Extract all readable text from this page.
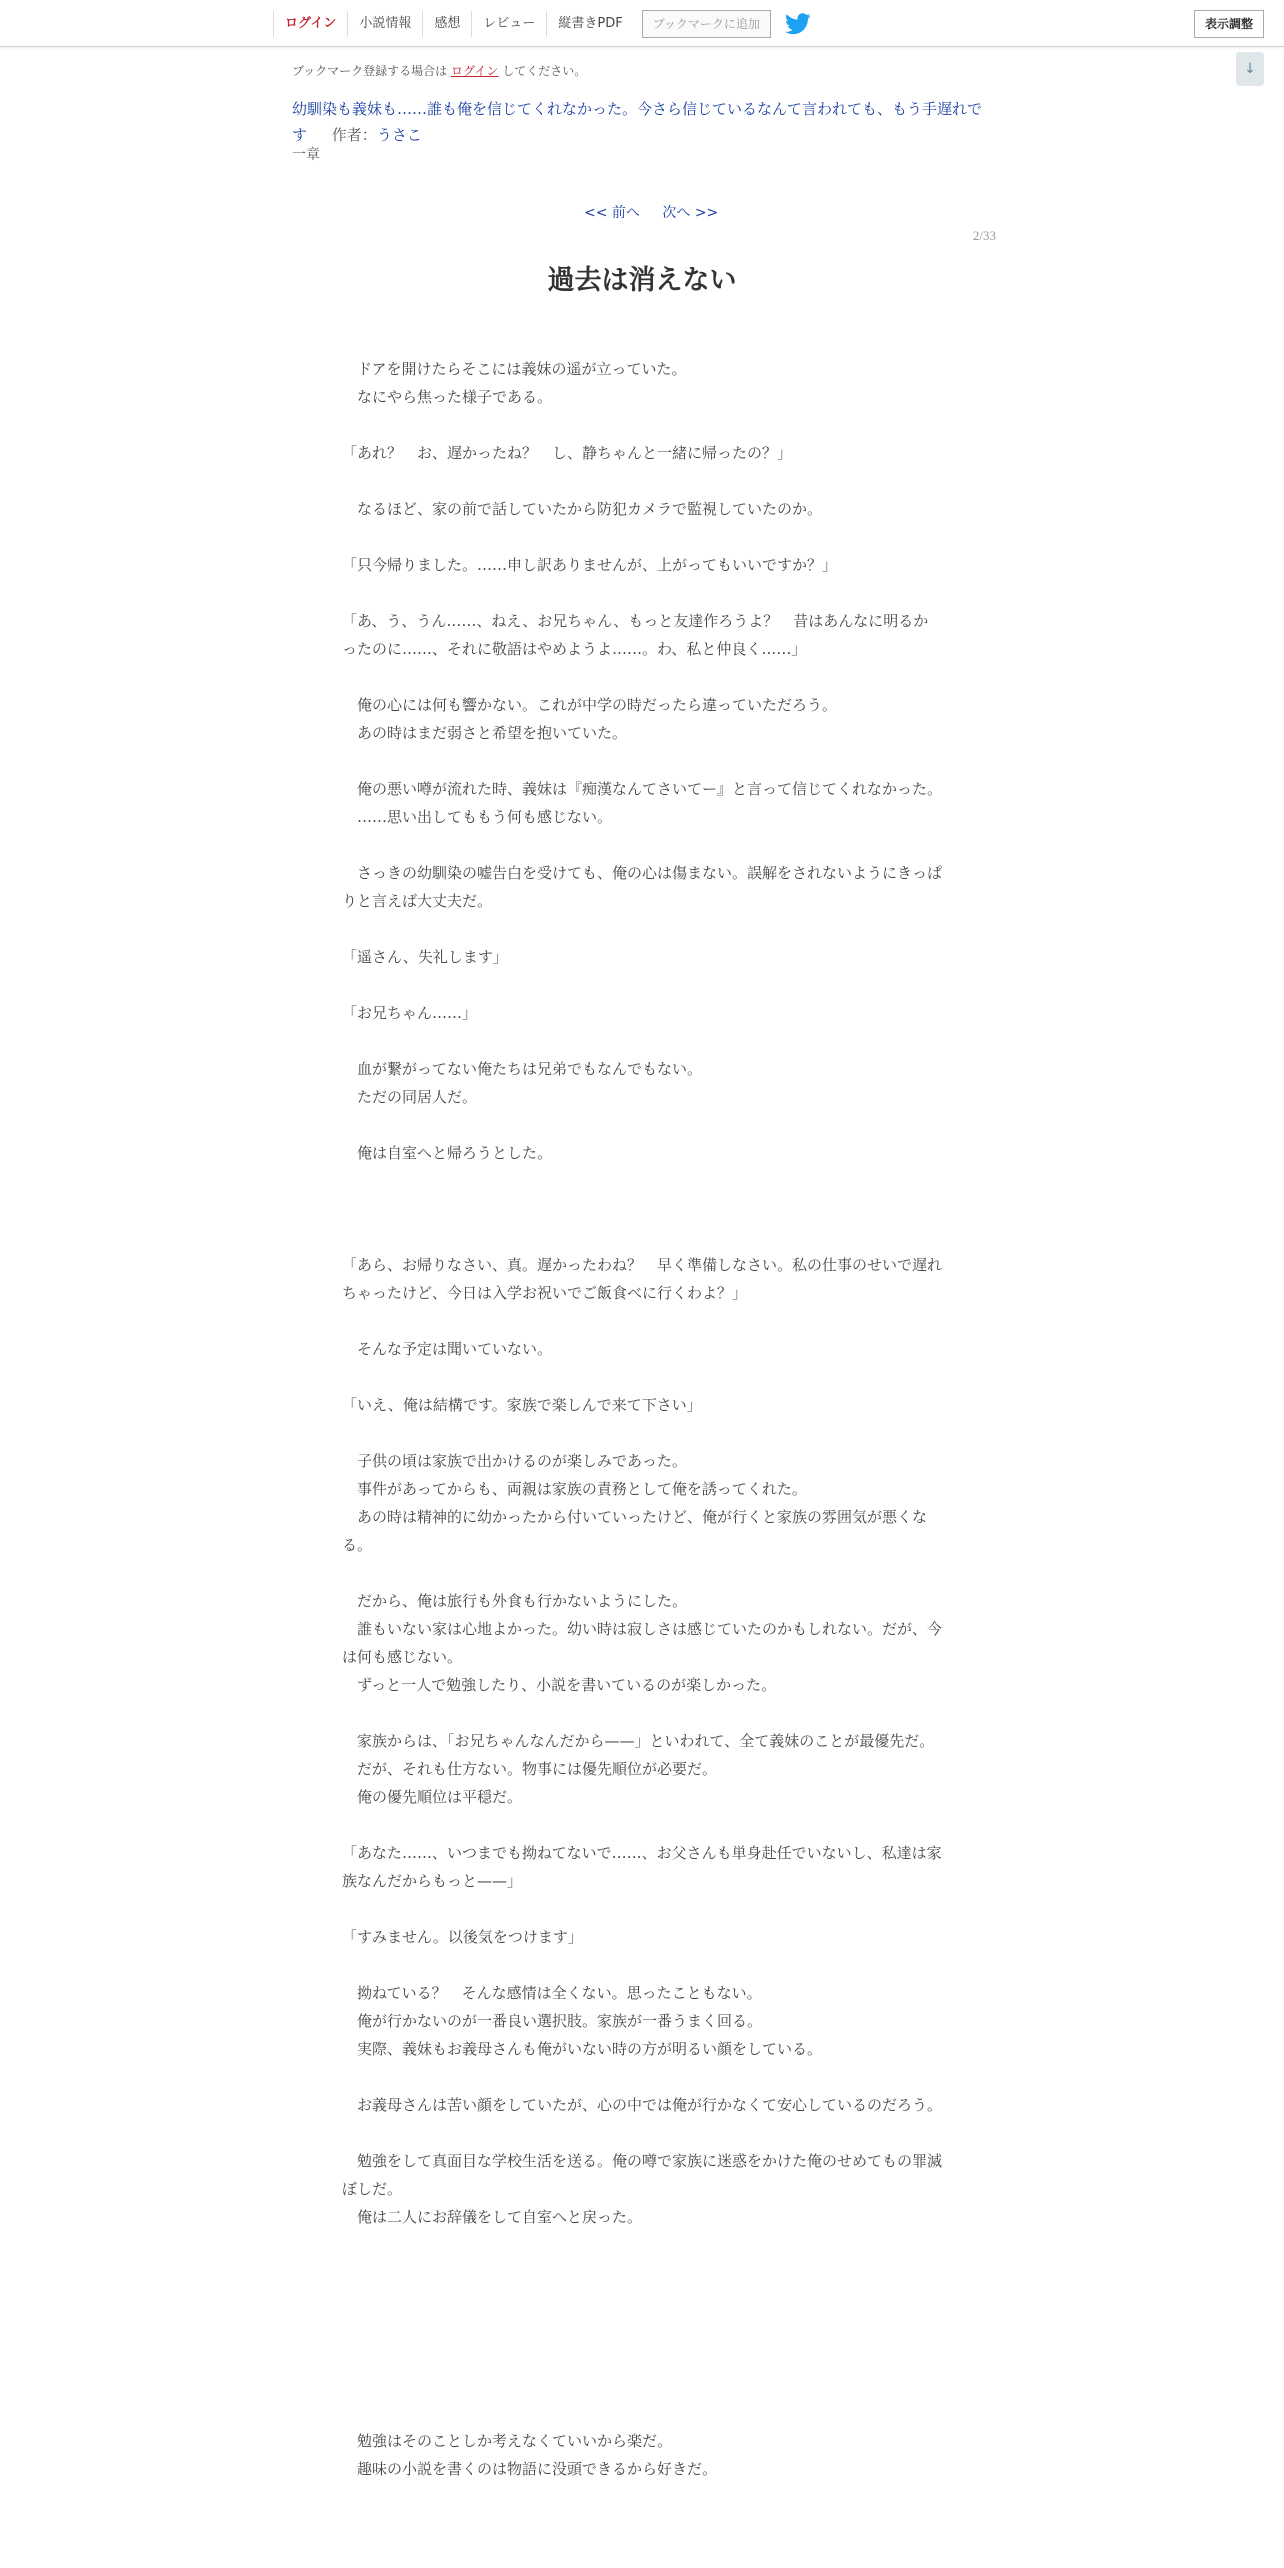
ログイン	小説情報	感想	レビュー	縦書きPDF	ブックマークに追加	表示調整
↓
ブックマーク登録する場合は ログイン してください。
幼馴染も義妹も……誰も俺を信じてくれなかった。今さら信じているなんて言われても、もう手遅れです 作者：うさこ
一章
<< 前へ 次へ >>
2/33
過去は消えない

　ドアを開けたらそこには義妹の遥が立っていた。

　なにやら焦った様子である。

「あれ？　お、遅かったね？　し、静ちゃんと一緒に帰ったの？」

　なるほど、家の前で話していたから防犯カメラで監視していたのか。

「只今帰りました。……申し訳ありませんが、上がってもいいですか？」

「あ、う、うん……、ねえ、お兄ちゃん、もっと友達作ろうよ？　昔はあんなに明るかったのに……、それに敬語はやめようよ……。わ、私と仲良く……」

　俺の心には何も響かない。これが中学の時だったら違っていただろう。

　あの時はまだ弱さと希望を抱いていた。

　俺の悪い噂が流れた時、義妹は『痴漢なんてさいてー』と言って信じてくれなかった。

　……思い出してももう何も感じない。

　さっきの幼馴染の嘘告白を受けても、俺の心は傷まない。誤解をされないようにきっぱりと言えば大丈夫だ。

「遥さん、失礼します」

「お兄ちゃん……」

　血が繋がってない俺たちは兄弟でもなんでもない。

　ただの同居人だ。

　俺は自室へと帰ろうとした。

「あら、お帰りなさい、真。遅かったわね？　早く準備しなさい。私の仕事のせいで遅れちゃったけど、今日は入学お祝いでご飯食べに行くわよ？」

　そんな予定は聞いていない。

「いえ、俺は結構です。家族で楽しんで来て下さい」

　子供の頃は家族で出かけるのが楽しみであった。

　事件があってからも、両親は家族の責務として俺を誘ってくれた。

　あの時は精神的に幼かったから付いていったけど、俺が行くと家族の雰囲気が悪くなる。

　だから、俺は旅行も外食も行かないようにした。

　誰もいない家は心地よかった。幼い時は寂しさは感じていたのかもしれない。だが、今は何も感じない。

　ずっと一人で勉強したり、小説を書いているのが楽しかった。

　家族からは、「お兄ちゃんなんだから——」といわれて、全て義妹のことが最優先だ。

　だが、それも仕方ない。物事には優先順位が必要だ。

　俺の優先順位は平穏だ。

「あなた……、いつまでも拗ねてないで……、お父さんも単身赴任でいないし、私達は家族なんだからもっと——」

「すみません。以後気をつけます」

　拗ねている？　そんな感情は全くない。思ったこともない。

　俺が行かないのが一番良い選択肢。家族が一番うまく回る。

　実際、義妹もお義母さんも俺がいない時の方が明るい顔をしている。

　お義母さんは苦い顔をしていたが、心の中では俺が行かなくて安心しているのだろう。

　勉強をして真面目な学校生活を送る。俺の噂で家族に迷惑をかけた俺のせめてもの罪滅ぼしだ。

　俺は二人にお辞儀をして自室へと戻った。

　勉強はそのことしか考えなくていいから楽だ。

　趣味の小説を書くのは物語に没頭できるから好きだ。
